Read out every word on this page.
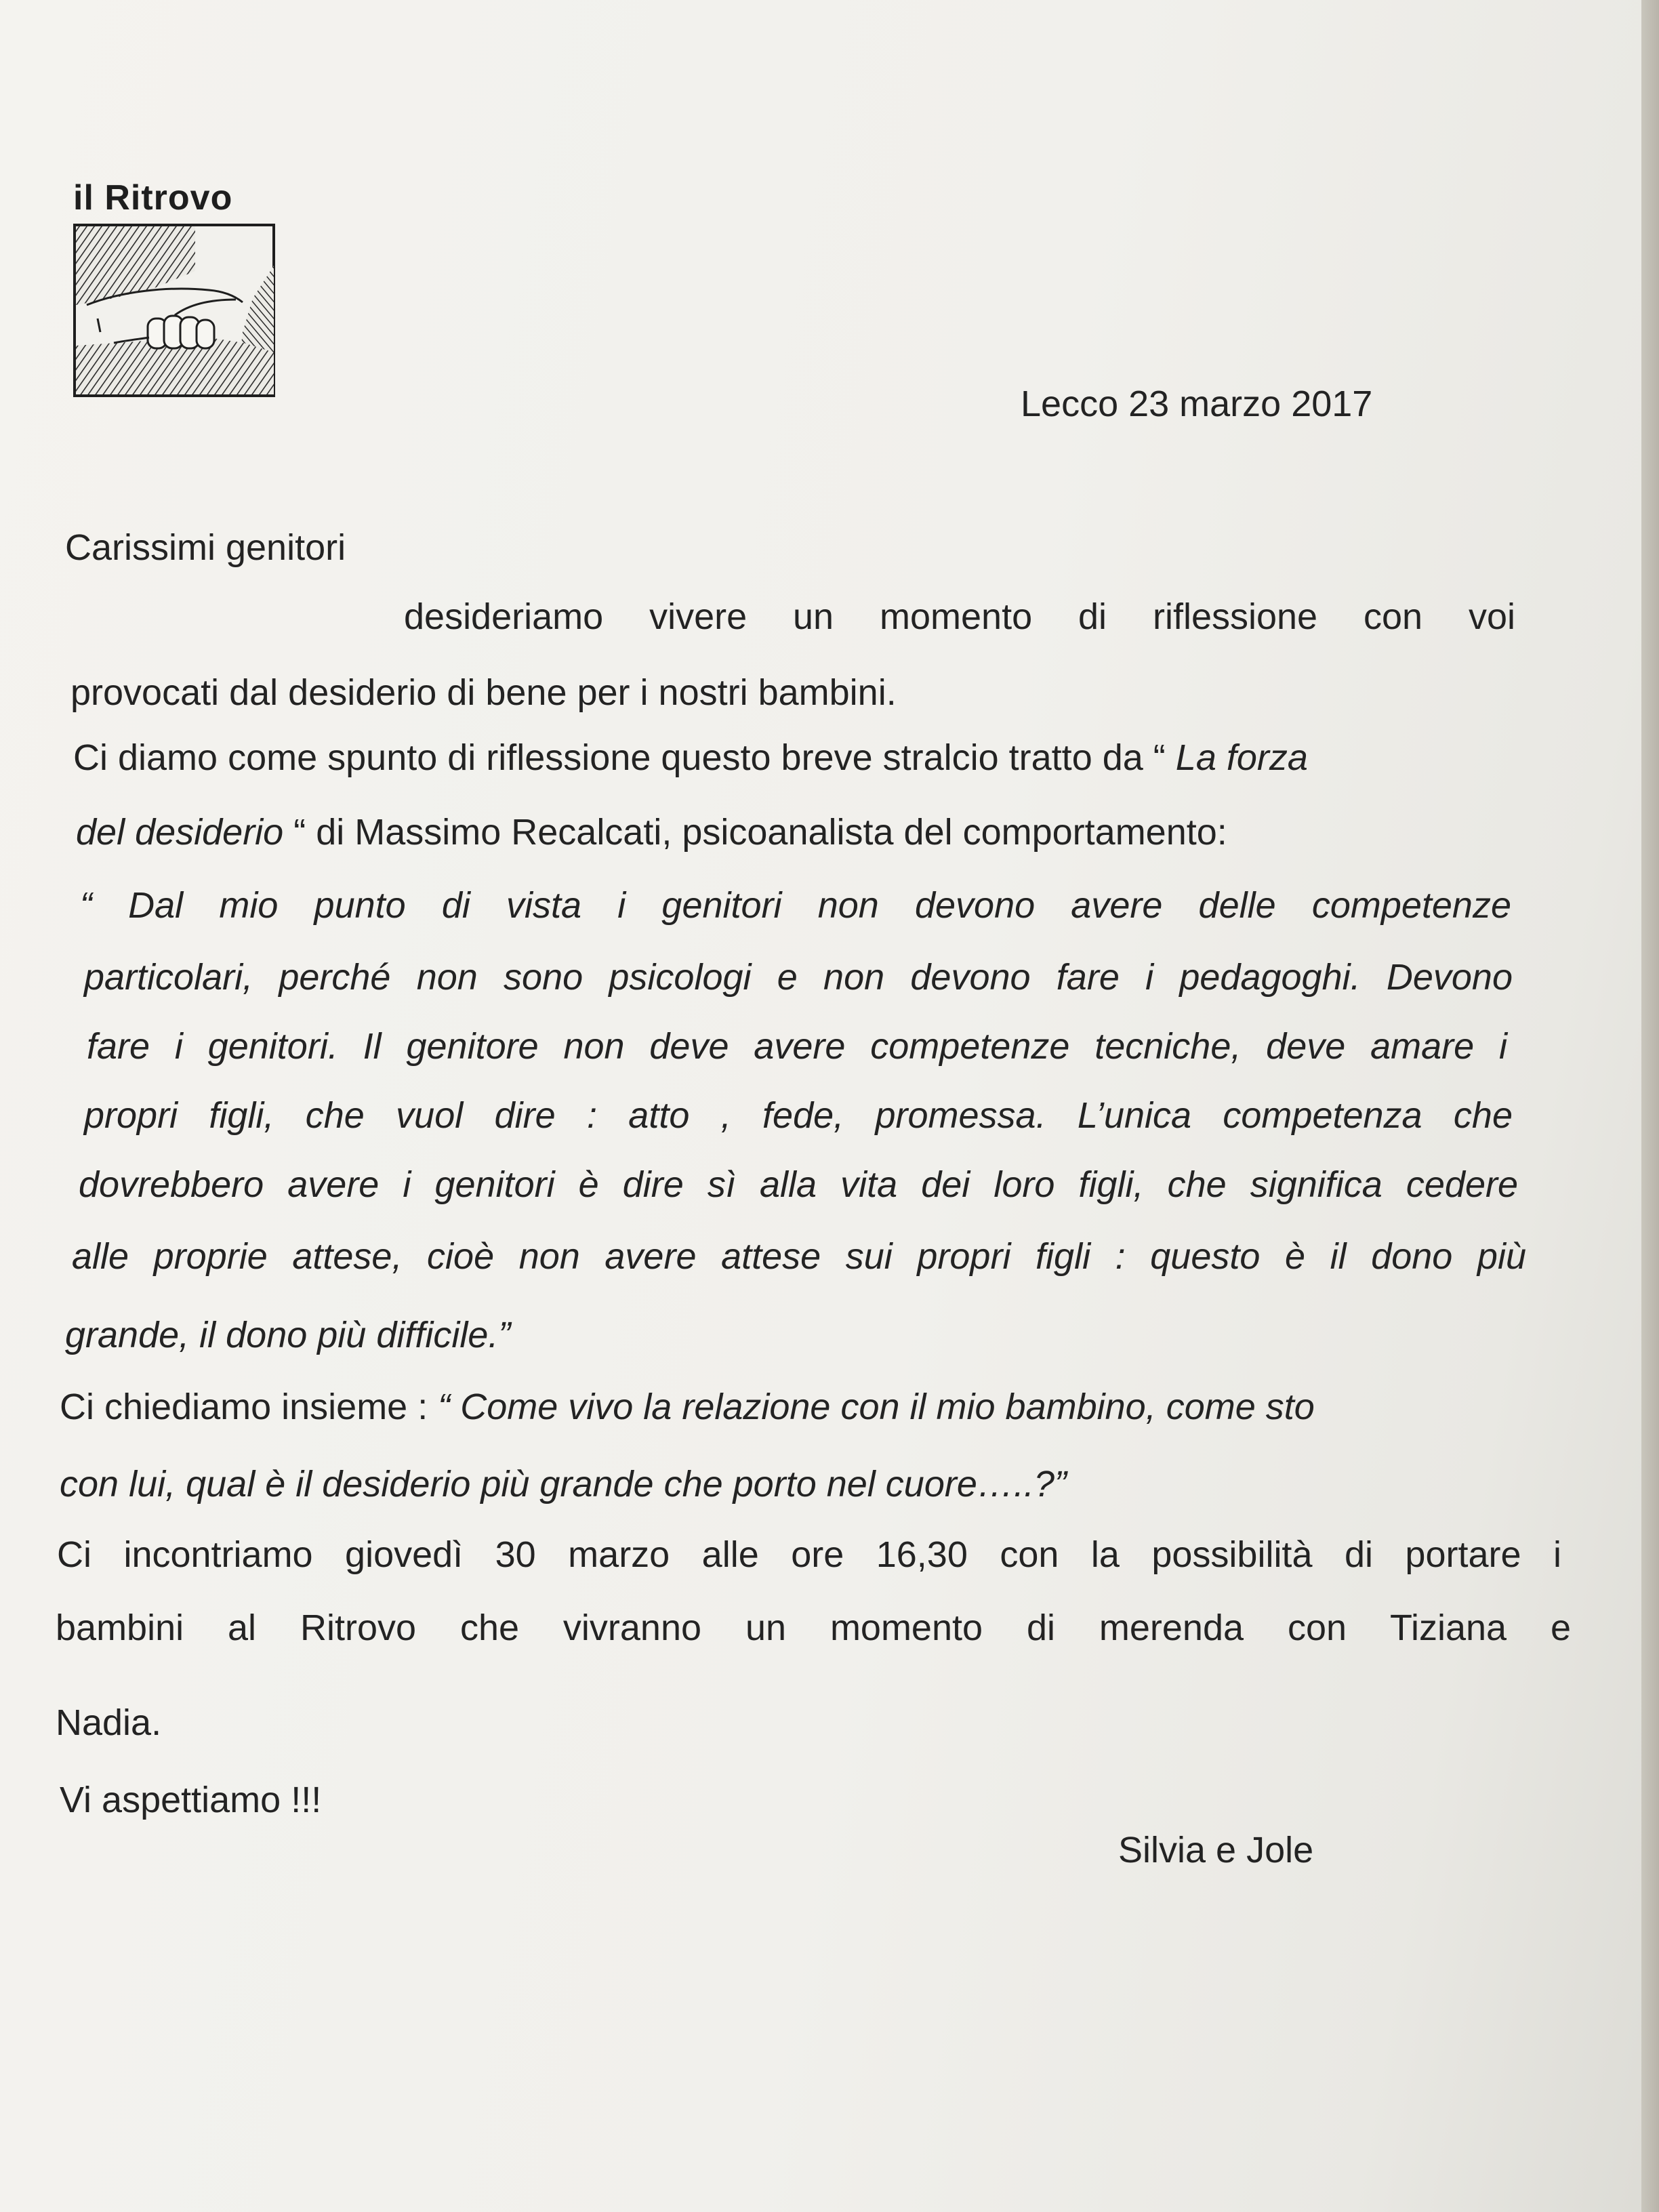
il Ritrovo
Lecco 23 marzo 2017
Carissimi genitori
desideriamo vivere un momento di riflessione con voi
provocati dal desiderio di bene per i nostri bambini.
Ci diamo come spunto di riflessione questo breve stralcio tratto da “ La forza
del desiderio “ di Massimo Recalcati, psicoanalista del comportamento:
“ Dal mio punto di vista i genitori non devono avere delle competenze
particolari, perché non sono psicologi e non devono fare i pedagoghi. Devono
fare i genitori. Il genitore non deve avere competenze tecniche, deve amare i
propri figli, che vuol dire : atto , fede, promessa. L’unica competenza che
dovrebbero avere i genitori è dire sì alla vita dei loro figli, che significa cedere
alle proprie attese, cioè non avere attese sui propri figli : questo è il dono più
grande, il dono più difficile.”
Ci chiediamo insieme : “ Come vivo la relazione con il mio bambino, come sto
con lui, qual è il desiderio più grande che porto nel cuore…..?”
Ci incontriamo giovedì 30 marzo alle ore 16,30 con la possibilità di portare i
bambini al Ritrovo che vivranno un momento di merenda con Tiziana e
Nadia.
Vi aspettiamo !!!
Silvia e Jole
